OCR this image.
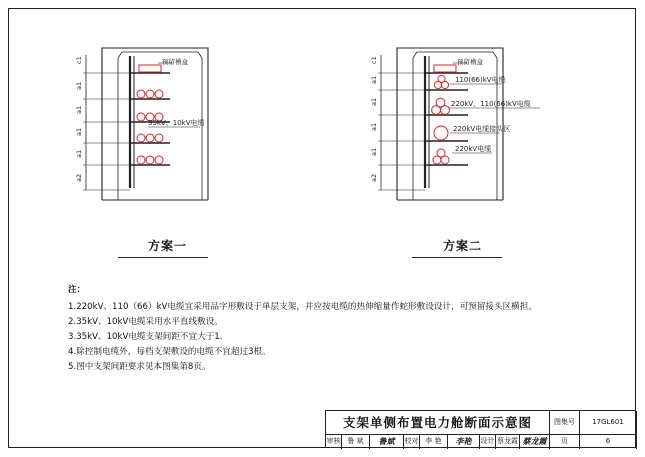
预留槽盒
35kV、10kV电缆
c1
a1
a1
a1
a1
a2
预留槽盒
110(66)kV电缆
220kV、110(66)kV电缆
220kV电缆接头区
220kV电缆
c1
a1
a1
a1
a1
a2
方案一	方案二
注：
1.220kV、110（66）kV电缆宜采用品字形敷设于单层支架，并应按电缆的热伸缩量作蛇形敷设设计，可预留接头区横担。
2.35kV、10kV电缆采用水平直线敷设。
3.35kV、10kV电缆支架间距不宜大于1.
4.除控制电缆外，每档支架敷设的电缆不宜超过3根。
5.图中支架间距要求见本图集第8页。
支架单侧布置电力舱断面示意图	图集号	17GL601
审核 鲁 斌	鲁斌	校对 李 艳	李艳	设计 蔡龙霞 蔡龙霞	页	6
